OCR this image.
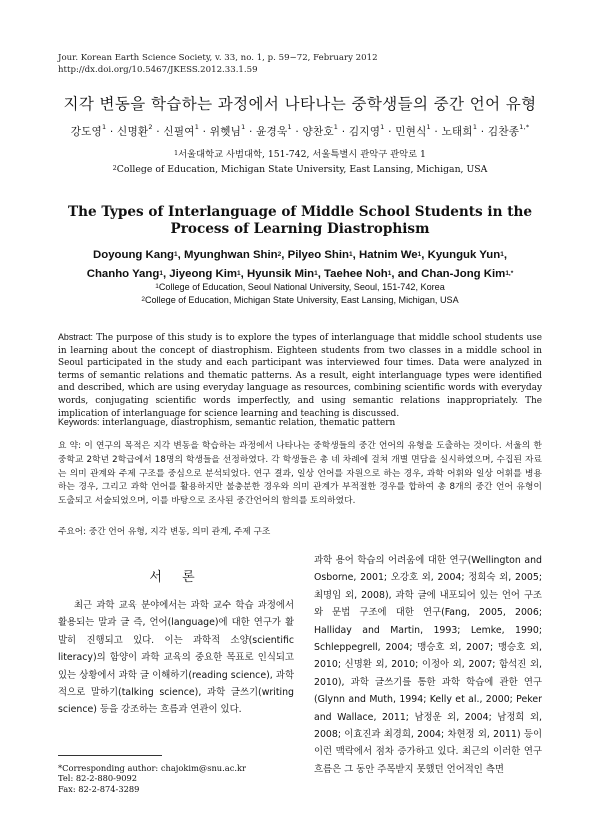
Jour. Korean Earth Science Society, v. 33, no. 1, p. 59−72, February 2012
http://dx.doi.org/10.5467/JKESS.2012.33.1.59
지각 변동을 학습하는 과정에서 나타나는 중학생들의 중간 언어 유형
강도영$^1$ · 신명환$^2$ · 신필여$^1$ · 위헷님$^1$ · 윤경욱$^1$ · 양찬호$^1$ · 김지영$^1$ · 민현식$^1$ · 노태희$^1$ · 김찬종$^{1,*}$
$^1$서울대학교 사범대학, 151-742, 서울특별시 관악구 관악로 1
$^2$College of Education, Michigan State University, East Lansing, Michigan, USA
The Types of Interlanguage of Middle School Students in the
Process of Learning Diastrophism
Doyoung Kang$^1$, Myunghwan Shin$^2$, Pilyeo Shin$^1$, Hatnim We$^1$, Kyunguk Yun$^1$,
Chanho Yang$^1$, Jiyeong Kim$^1$, Hyunsik Min$^1$, Taehee Noh$^1$, and Chan-Jong Kim$^{1,*}$
$^1$College of Education, Seoul National University, Seoul, 151-742, Korea
$^2$College of Education, Michigan State University, East Lansing, Michigan, USA
Abstract: The purpose of this study is to explore the types of interlanguage that middle school students use in learning about the concept of diastrophism. Eighteen students from two classes in a middle school in Seoul participated in the study and each participant was interviewed four times. Data were analyzed in terms of semantic relations and thematic patterns. As a result, eight interlanguage types were identified and described, which are using everyday language as resources, combining scientific words with everyday words, conjugating scientific words imperfectly, and using semantic relations inappropriately. The implication of interlanguage for science learning and teaching is discussed.
Keywords: interlanguage, diastrophism, semantic relation, thematic pattern
요 약: 이 연구의 목적은 지각 변동을 학습하는 과정에서 나타나는 중학생들의 중간 언어의 유형을 도출하는 것이다. 서울의 한 중학교 2학년 2학급에서 18명의 학생들을 선정하였다. 각 학생들은 총 네 차례에 걸쳐 개별 면담을 실시하였으며, 수집된 자료는 의미 관계와 주제 구조를 중심으로 분석되었다. 연구 결과, 일상 언어를 자원으로 하는 경우, 과학 어휘와 일상 어휘를 병용하는 경우, 그리고 과학 언어를 활용하지만 불충분한 경우와 의미 관계가 부적절한 경우를 합하여 총 8개의 중간 언어 유형이 도출되고 서술되었으며, 이를 바탕으로 조사된 중간언어의 함의를 토의하였다.
주요어: 중간 언어 유형, 지각 변동, 의미 관계, 주제 구조
서 론
최근 과학 교육 분야에서는 과학 교수 학습 과정에서 활용되는 말과 글 즉, 언어(language)에 대한 연구가 활발히 진행되고 있다. 이는 과학적 소양(scientific literacy)의 함양이 과학 교육의 중요한 목표로 인식되고 있는 상황에서 과학 글 이해하기(reading science), 과학적으로 말하기(talking science), 과학 글쓰기(writing science) 등을 강조하는 흐름과 연관이 있다.
과학 용어 학습의 어려움에 대한 연구(Wellington and Osborne, 2001; 오강호 외, 2004; 정희숙 외, 2005; 최명임 외, 2008), 과학 글에 내포되어 있는 언어 구조와 문법 구조에 대한 연구(Fang, 2005, 2006; Halliday and Martin, 1993; Lemke, 1990; Schleppegrell, 2004; 맹승호 외, 2007; 맹승호 외, 2010; 신명환 외, 2010; 이정아 외, 2007; 함석진 외, 2010), 과학 글쓰기를 통한 과학 학습에 관한 연구(Glynn and Muth, 1994; Kelly et al., 2000; Peker and Wallace, 2011; 남정운 외, 2004; 남정희 외, 2008; 이효진과 최경희, 2004; 차현정 외, 2011) 등이 이런 맥락에서 점차 증가하고 있다. 최근의 이러한 연구 흐름은 그 동안 주목받지 못했던 언어적인 측면
*Corresponding author: chajokim@snu.ac.kr
Tel: 82-2-880-9092
Fax: 82-2-874-3289
